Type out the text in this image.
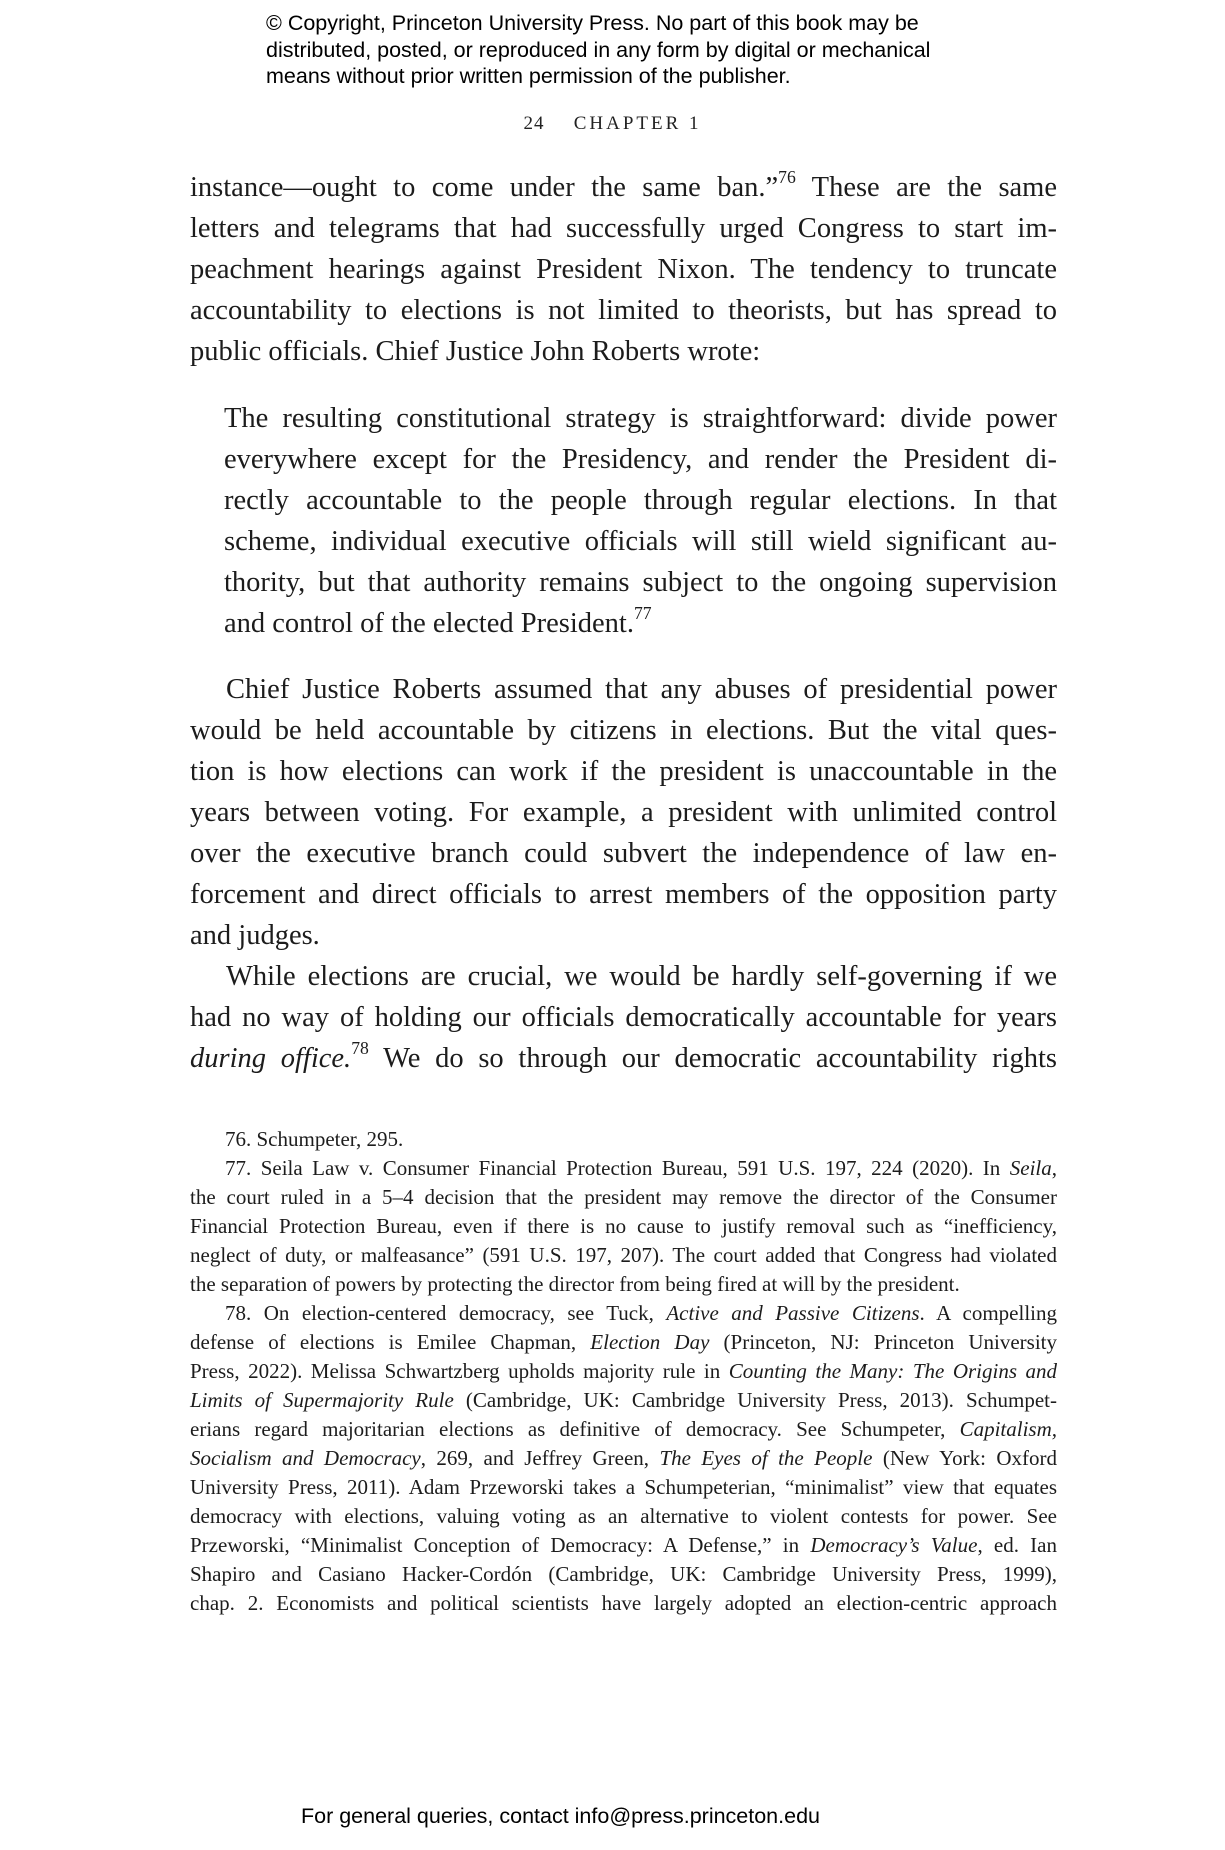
© Copyright, Princeton University Press. No part of this book may be
distributed, posted, or reproduced in any form by digital or mechanical
means without prior written permission of the publisher.
24 CHAPTER 1
instance—ought to come under the same ban.”$^{76}$ These are the same
letters and telegrams that had successfully urged Congress to start im-
peachment hearings against President Nixon. The tendency to truncate
accountability to elections is not limited to theorists, but has spread to
public officials. Chief Justice John Roberts wrote:
The resulting constitutional strategy is straightforward: divide power
everywhere except for the Presidency, and render the President di-
rectly accountable to the people through regular elections. In that
scheme, individual executive officials will still wield significant au-
thority, but that authority remains subject to the ongoing supervision
and control of the elected President.$^{77}$
Chief Justice Roberts assumed that any abuses of presidential power
would be held accountable by citizens in elections. But the vital ques-
tion is how elections can work if the president is unaccountable in the
years between voting. For example, a president with unlimited control
over the executive branch could subvert the independence of law en-
forcement and direct officials to arrest members of the opposition party
and judges.
While elections are crucial, we would be hardly self-governing if we
had no way of holding our officials democratically accountable for years
during office.$^{78}$ We do so through our democratic accountability rights
76. Schumpeter, 295.
77. Seila Law v. Consumer Financial Protection Bureau, 591 U.S. 197, 224 (2020). In Seila,
the court ruled in a 5–4 decision that the president may remove the director of the Consumer
Financial Protection Bureau, even if there is no cause to justify removal such as “inefficiency,
neglect of duty, or malfeasance” (591 U.S. 197, 207). The court added that Congress had violated
the separation of powers by protecting the director from being fired at will by the president.
78. On election-centered democracy, see Tuck, Active and Passive Citizens. A compelling
defense of elections is Emilee Chapman, Election Day (Princeton, NJ: Princeton University
Press, 2022). Melissa Schwartzberg upholds majority rule in Counting the Many: The Origins and
Limits of Supermajority Rule (Cambridge, UK: Cambridge University Press, 2013). Schumpet-
erians regard majoritarian elections as definitive of democracy. See Schumpeter, Capitalism,
Socialism and Democracy, 269, and Jeffrey Green, The Eyes of the People (New York: Oxford
University Press, 2011). Adam Przeworski takes a Schumpeterian, “minimalist” view that equates
democracy with elections, valuing voting as an alternative to violent contests for power. See
Przeworski, “Minimalist Conception of Democracy: A Defense,” in Democracy’s Value, ed. Ian
Shapiro and Casiano Hacker-Cordón (Cambridge, UK: Cambridge University Press, 1999),
chap. 2. Economists and political scientists have largely adopted an election-centric approach
For general queries, contact info@press.princeton.edu
